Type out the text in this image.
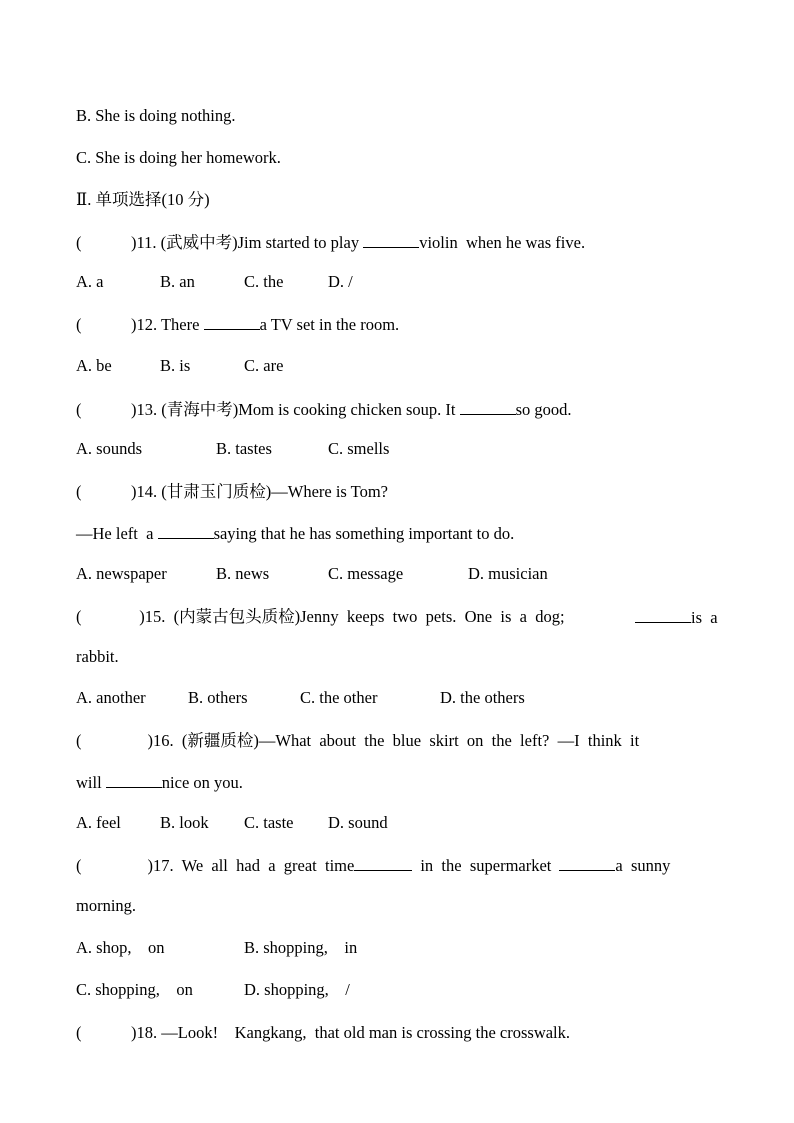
B. She is doing nothing.
C. She is doing her homework.
Ⅱ. 单项选择(10 分)
(            )11. (武威中考)Jim started to play	violin  when he was five.
A. a	B. an	C. the	D. /
(            )12. There	a TV set in the room.
A. be	B. is	C. are
(            )13. (青海中考)Mom is cooking chicken soup. It	so good.
A. sounds	B. tastes	C. smells
(            )14. (甘肃玉门质检)—Where is Tom?
—He left  a	saying that he has something important to do.
A. newspaper	B. news	C. message	D. musician
(              )15.  (内蒙古包头质检)Jenny  keeps  two  pets.  One  is  a  dog;	is  a
rabbit.
A. another	B. others	C. the other	D. the others
(                )16.  (新疆质检)—What  about  the  blue  skirt  on  the  left?  —I  think  it
will	nice on you.
A. feel B. look C. taste D. sound
(                )17.  We  all  had  a  great  time	in  the  supermarket	a  sunny
morning.
A. shop,    on	B. shopping,    in
C. shopping,    on	D. shopping,    /
(            )18. —Look!    Kangkang,  that old man is crossing the crosswalk.
